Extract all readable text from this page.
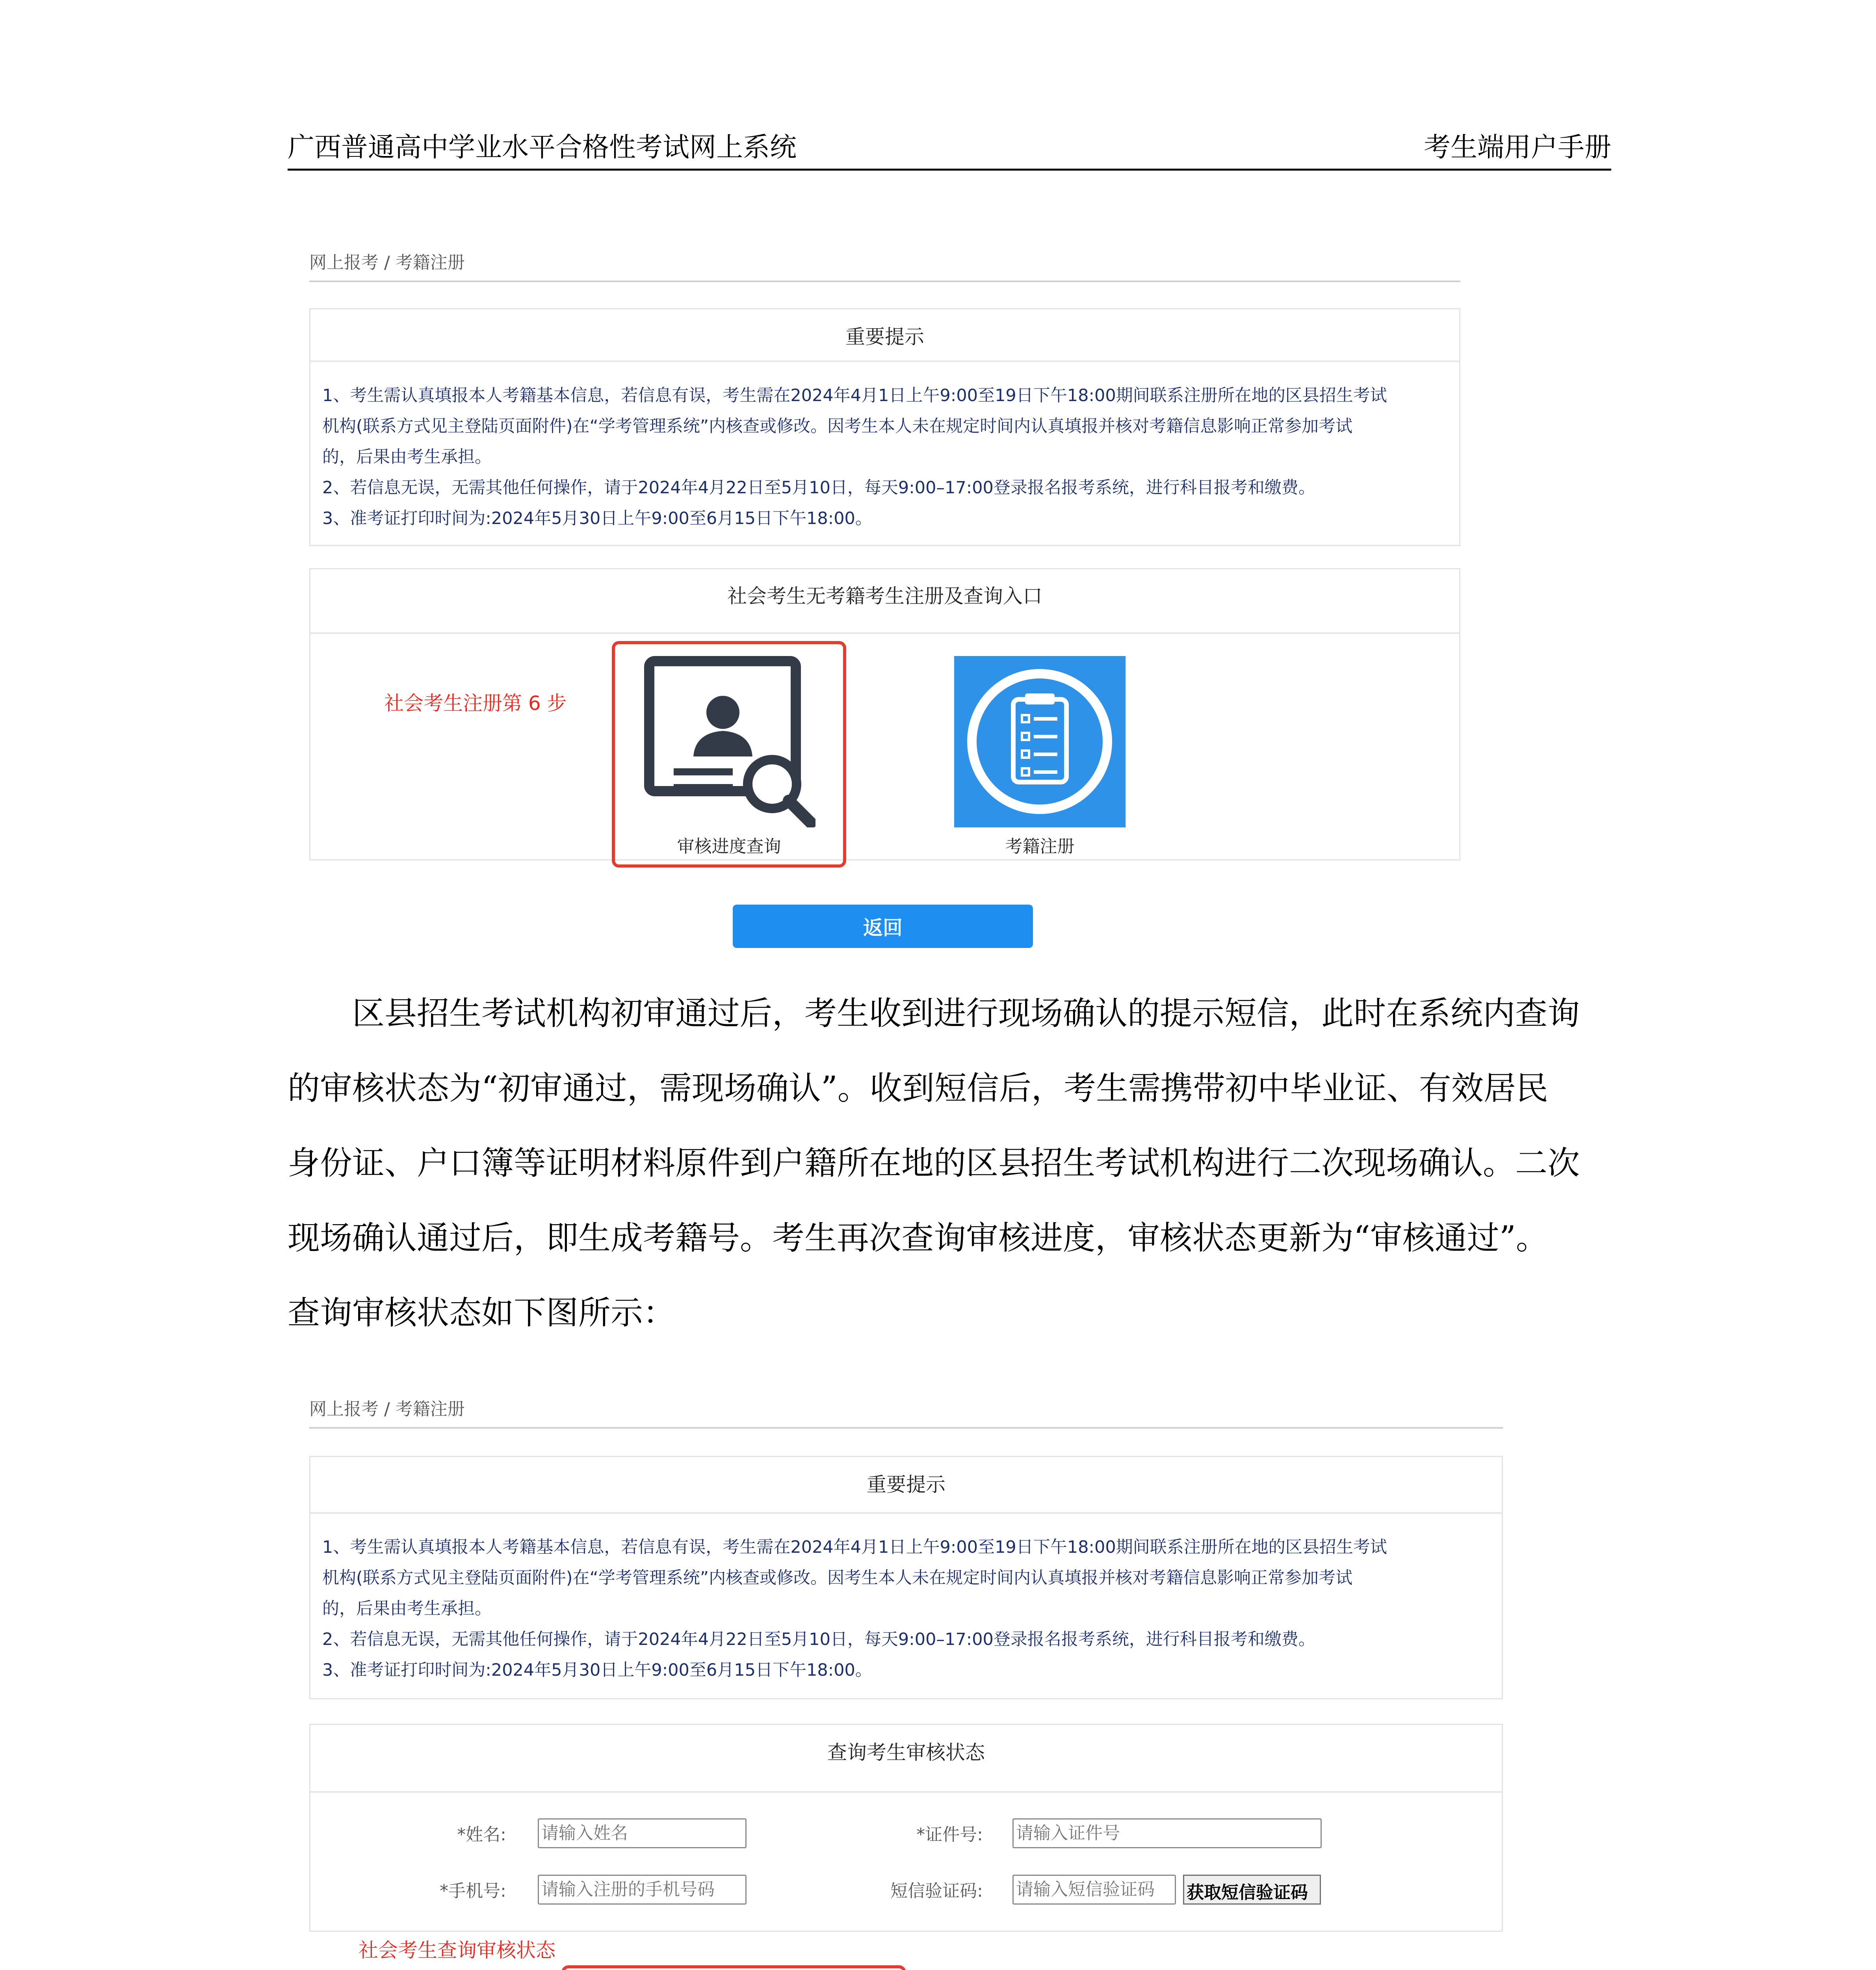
广西普通高中学业水平合格性考试网上系统	考生端用户手册
网上报考 / 考籍注册
重要提示

1、考生需认真填报本人考籍基本信息，若信息有误，考生需在2024年4月1日上午9:00至19日下午18:00期间联系注册所在地的区县招生考试

机构(联系方式见主登陆页面附件)在“学考管理系统”内核查或修改。因考生本人未在规定时间内认真填报并核对考籍信息影响正常参加考试

的，后果由考生承担。

2、若信息无误，无需其他任何操作，请于2024年4月22日至5月10日，每天9:00–17:00登录报名报考系统，进行科目报考和缴费。

3、准考证打印时间为:2024年5月30日上午9:00至6月15日下午18:00。

社会考生无考籍考生注册及查询入口
社会考生注册第 6 步
审核进度查询	考籍注册
返回
区县招生考试机构初审通过后，考生收到进行现场确认的提示短信，此时在系统内查询
的审核状态为“初审通过，需现场确认”。收到短信后，考生需携带初中毕业证、有效居民
身份证、户口簿等证明材料原件到户籍所在地的区县招生考试机构进行二次现场确认。二次
现场确认通过后，即生成考籍号。考生再次查询审核进度，审核状态更新为“审核通过”。
查询审核状态如下图所示：
网上报考 / 考籍注册
重要提示

1、考生需认真填报本人考籍基本信息，若信息有误，考生需在2024年4月1日上午9:00至19日下午18:00期间联系注册所在地的区县招生考试

机构(联系方式见主登陆页面附件)在“学考管理系统”内核查或修改。因考生本人未在规定时间内认真填报并核对考籍信息影响正常参加考试

的，后果由考生承担。

2、若信息无误，无需其他任何操作，请于2024年4月22日至5月10日，每天9:00–17:00登录报名报考系统，进行科目报考和缴费。

3、准考证打印时间为:2024年5月30日上午9:00至6月15日下午18:00。

查询考生审核状态
*姓名:
请输入姓名	*证件号:
请输入证件号
*手机号:
请输入注册的手机号码	短信验证码:
请输入短信验证码	获取短信验证码
社会考生查询审核状态
